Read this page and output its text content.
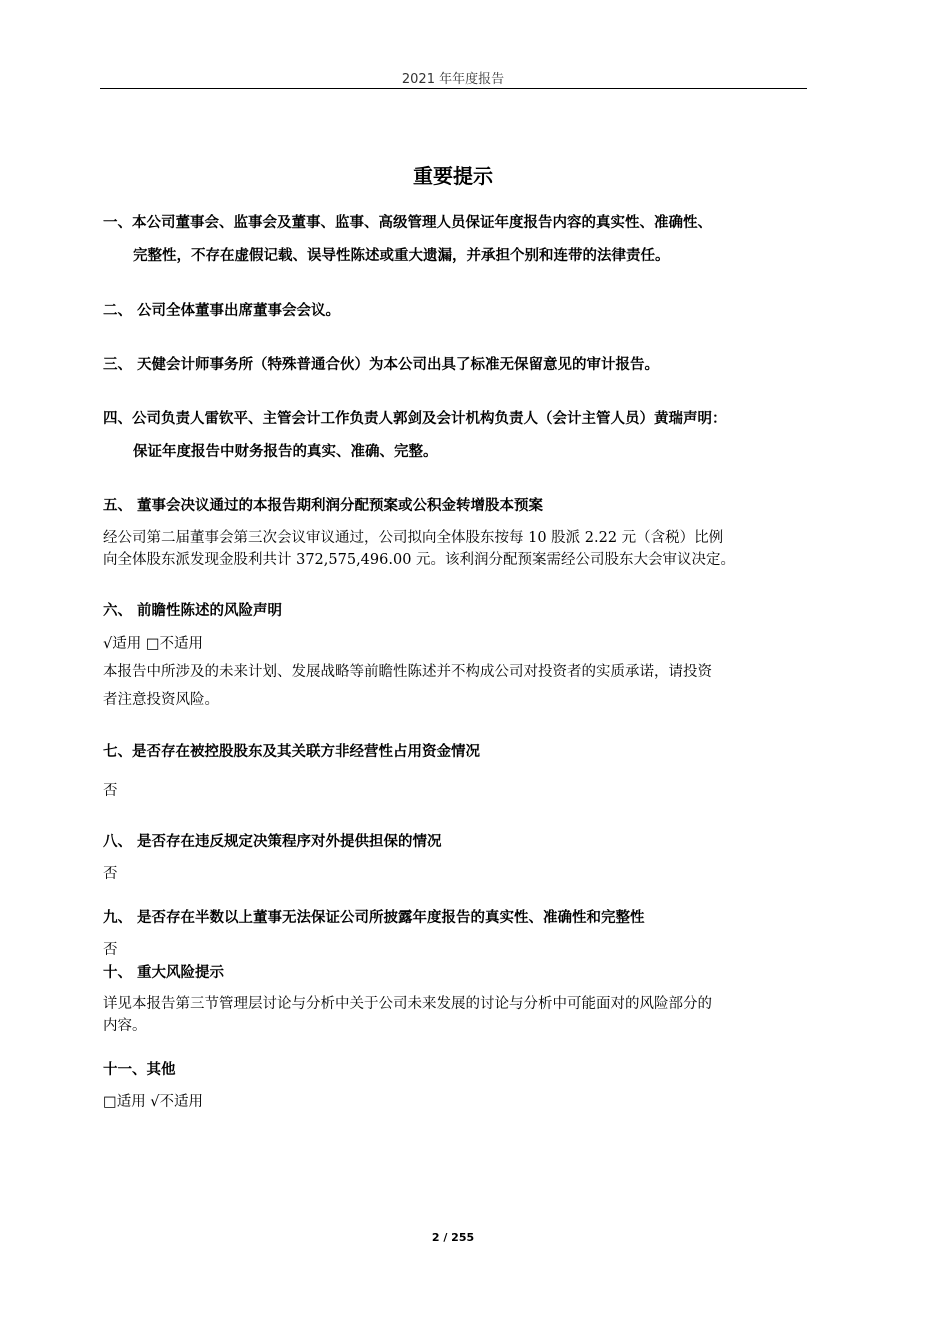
2021 年年度报告
重要提示
一、本公司董事会、监事会及董事、监事、高级管理人员保证年度报告内容的真实性、准确性、
完整性，不存在虚假记载、误导性陈述或重大遗漏，并承担个别和连带的法律责任。
二、 公司全体董事出席董事会会议。
三、 天健会计师事务所（特殊普通合伙）为本公司出具了标准无保留意见的审计报告。
四、公司负责人雷钦平、主管会计工作负责人郭剑及会计机构负责人（会计主管人员）黄瑞声明：
保证年度报告中财务报告的真实、准确、完整。
五、 董事会决议通过的本报告期利润分配预案或公积金转增股本预案
经公司第二届董事会第三次会议审议通过，公司拟向全体股东按每 10 股派 2.22 元（含税）比例
向全体股东派发现金股利共计 372,575,496.00 元。该利润分配预案需经公司股东大会审议决定。
六、 前瞻性陈述的风险声明
√适用 □不适用
本报告中所涉及的未来计划、发展战略等前瞻性陈述并不构成公司对投资者的实质承诺，请投资
者注意投资风险。
七、是否存在被控股股东及其关联方非经营性占用资金情况
否
八、 是否存在违反规定决策程序对外提供担保的情况
否
九、 是否存在半数以上董事无法保证公司所披露年度报告的真实性、准确性和完整性
否
十、 重大风险提示
详见本报告第三节管理层讨论与分析中关于公司未来发展的讨论与分析中可能面对的风险部分的
内容。
十一、其他
□适用 √不适用
2 / 255
